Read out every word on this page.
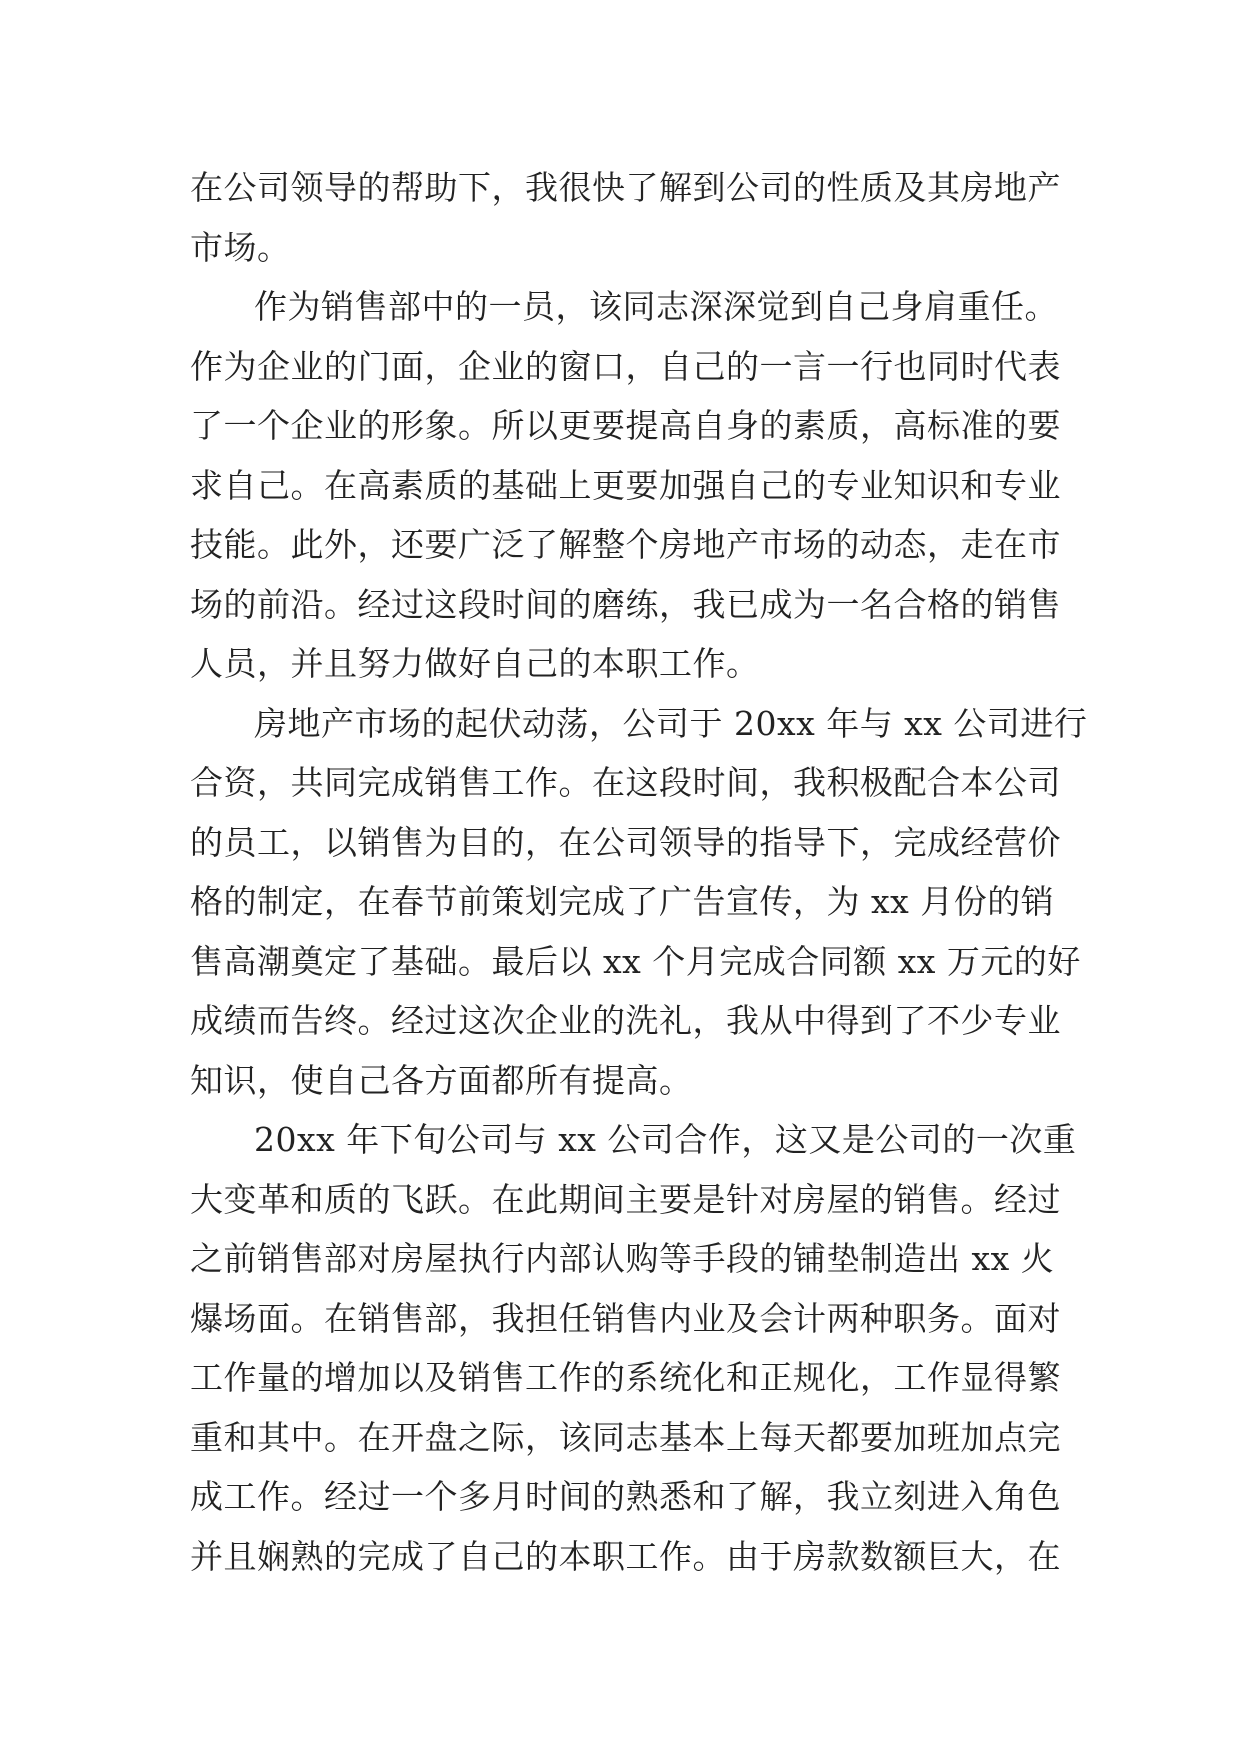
在公司领导的帮助下，我很快了解到公司的性质及其房地产
市场。
作为销售部中的一员，该同志深深觉到自己身肩重任。
作为企业的门面，企业的窗口，自己的一言一行也同时代表
了一个企业的形象。所以更要提高自身的素质，高标准的要
求自己。在高素质的基础上更要加强自己的专业知识和专业
技能。此外，还要广泛了解整个房地产市场的动态，走在市
场的前沿。经过这段时间的磨练，我已成为一名合格的销售
人员，并且努力做好自己的本职工作。
房地产市场的起伏动荡，公司于 20xx 年与 xx 公司进行
合资，共同完成销售工作。在这段时间，我积极配合本公司
的员工，以销售为目的，在公司领导的指导下，完成经营价
格的制定，在春节前策划完成了广告宣传，为 xx 月份的销
售高潮奠定了基础。最后以 xx 个月完成合同额 xx 万元的好
成绩而告终。经过这次企业的洗礼，我从中得到了不少专业
知识，使自己各方面都所有提高。
20xx 年下旬公司与 xx 公司合作，这又是公司的一次重
大变革和质的飞跃。在此期间主要是针对房屋的销售。经过
之前销售部对房屋执行内部认购等手段的铺垫制造出 xx 火
爆场面。在销售部，我担任销售内业及会计两种职务。面对
工作量的增加以及销售工作的系统化和正规化，工作显得繁
重和其中。在开盘之际，该同志基本上每天都要加班加点完
成工作。经过一个多月时间的熟悉和了解，我立刻进入角色
并且娴熟的完成了自己的本职工作。由于房款数额巨大，在
